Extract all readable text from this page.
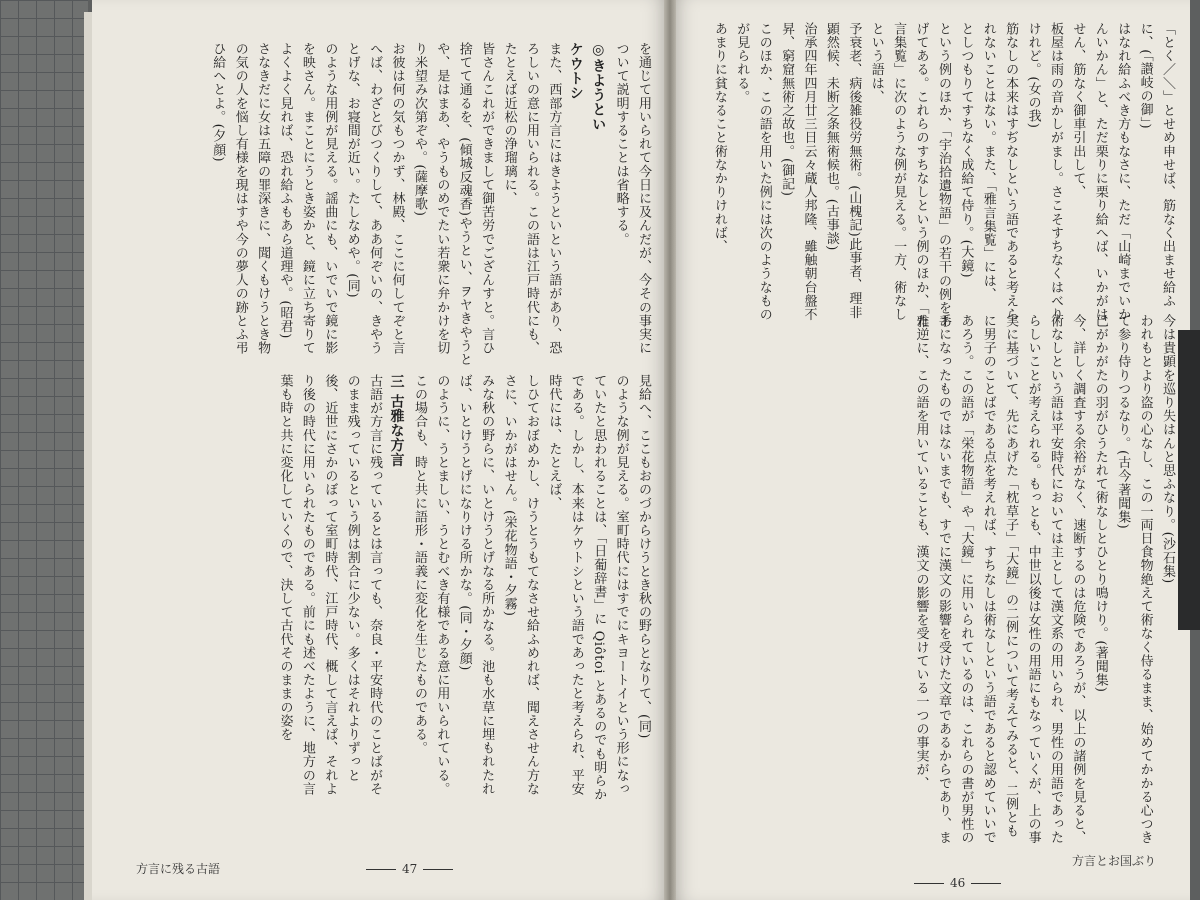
を通じて用いられて今日に及んだが、今その事実について説明することは省略する。

◎きようとい

ケウトシ

また、西部方言にはきようといという語があり、恐ろしいの意に用いられる。この語は江戸時代にも、たとえば近松の浄瑠璃に、

皆さんこれができまして御苦労でござんすと。言ひ捨てて通るを、(傾城反魂香)やうとい、ヲヤきやうとや、是はまあ、やうものめでたい若衆に弁かけを切り米望み次第ぞや。(薩摩歌)

お彼は何の気もつかず、林殿、ここに何してぞと言へば、わざとびつくりして、ああ何ぞいの、きやうとげな、お寝間が近い。たしなめや。(同)

のような用例が見える。謡曲にも、いでいで鏡に影を映さん。まことにうとき姿かと、鏡に立ち寄りてよくよく見れば、恐れ給ふもあら道理や。(昭君)

さなきだに女は五障の罪深きに、聞くもけうとき物の気の人を悩し有様を現はすや今の夢人の跡とふ弔ひ給へとよ。(夕顔)

見給へ、ここもおのづからけうとき秋の野らとなりて、(同)

のような例が見える。室町時代にはすでにキヨートイという形になっていたと思われることは、「日葡辞書」に Qiôtoi とあるのでも明らかである。しかし、本来はケウトシという語であったと考えられ、平安時代には、たとえば、

しひておぼめかし、けうとうもてなさせ給ふめれば、聞えさせん方なさに、いかがはせん。(栄花物語・夕霧)

みな秋の野らに、いとけうとげなる所かなる。池も水草に埋もれたれば、いとけうとげになりける所かな。(同・夕顔)

のように、うとましい、うとむべき有様である意に用いられている。この場合も、時と共に語形・語義に変化を生じたものである。

三 古雅な方言

古語が方言に残っているとは言っても、奈良・平安時代のことばがそのまま残っているという例は割合に少ない。多くはそれよりずっと後、近世にさかのぼって室町時代、江戸時代、概して言えば、それより後の時代に用いられたものである。前にも述べたように、地方の言葉も時と共に変化していくので、決して古代そのままの姿を

方言に残る古語	47

「とく／＼」とせめ申せば、筋なく出ませ給ふに、(「讃岐の御」)

はなれ給ふべき方もなさに、ただ「山崎までいかんいかん」と、ただ栗りに栗り給へば、いかがはせん、筋なく御車引出して、

板屋は雨の音かしがまし。さこそすちなくはべりけれど。(女の我)

筋なしの本来はすぢなしという語であると考えられないことはない。また、「雅言集覧」には、

としつもりてすちなく成給て侍り。(大鏡)

という例のほか、「宇治拾遺物語」の若干の例をあげてある。これらのすちなしという例のほか、「雅言集覧」に次のような例が見える。一方、術なしという語は、

予衰老、病後雑役労無術。(山槐記)此事者、理非顕然候、未断之条無術候也。(古事談)

治承四年四月廿三日云々蔵人邦隆、雖触朝台盤不昇、窮窟無術之故也。(御記)

このほか、この語を用いた例には次のようなものが見られる。

あまりに貧なること術なかりければ、

今は貴顕を巡り失はんと思ふなり。(沙石集)

われもとより盗の心なし、この一両日食物絶えて術なく侍るまま、始めてかかる心つきて参り侍りつるなり。(古今著聞集)

己がかがたの羽がひうたれて術なしとひとり鳴けり。(著聞集)

今、詳しく調査する余裕がなく、速断するのは危険であろうが、以上の諸例を見ると、術なしという語は平安時代においては主として漢文系の用いられ、男性の用語であったらしいことが考えられる。もっとも、中世以後は女性の用語にもなっていくが、上の事実に基づいて、先にあげた「枕草子」「大鏡」の二例について考えてみると、二例ともに男子のことばである点を考えれば、すちなしは術なしという語であると認めていいであろう。この語が「栄花物語」や「大鏡」に用いられているのは、これらの書が男性の手になったものではないまでも、すでに漢文の影響を受けた文章であるからであり、また逆に、この語を用いていることも、漢文の影響を受けている一つの事実が、

46
方言とお国ぶり
